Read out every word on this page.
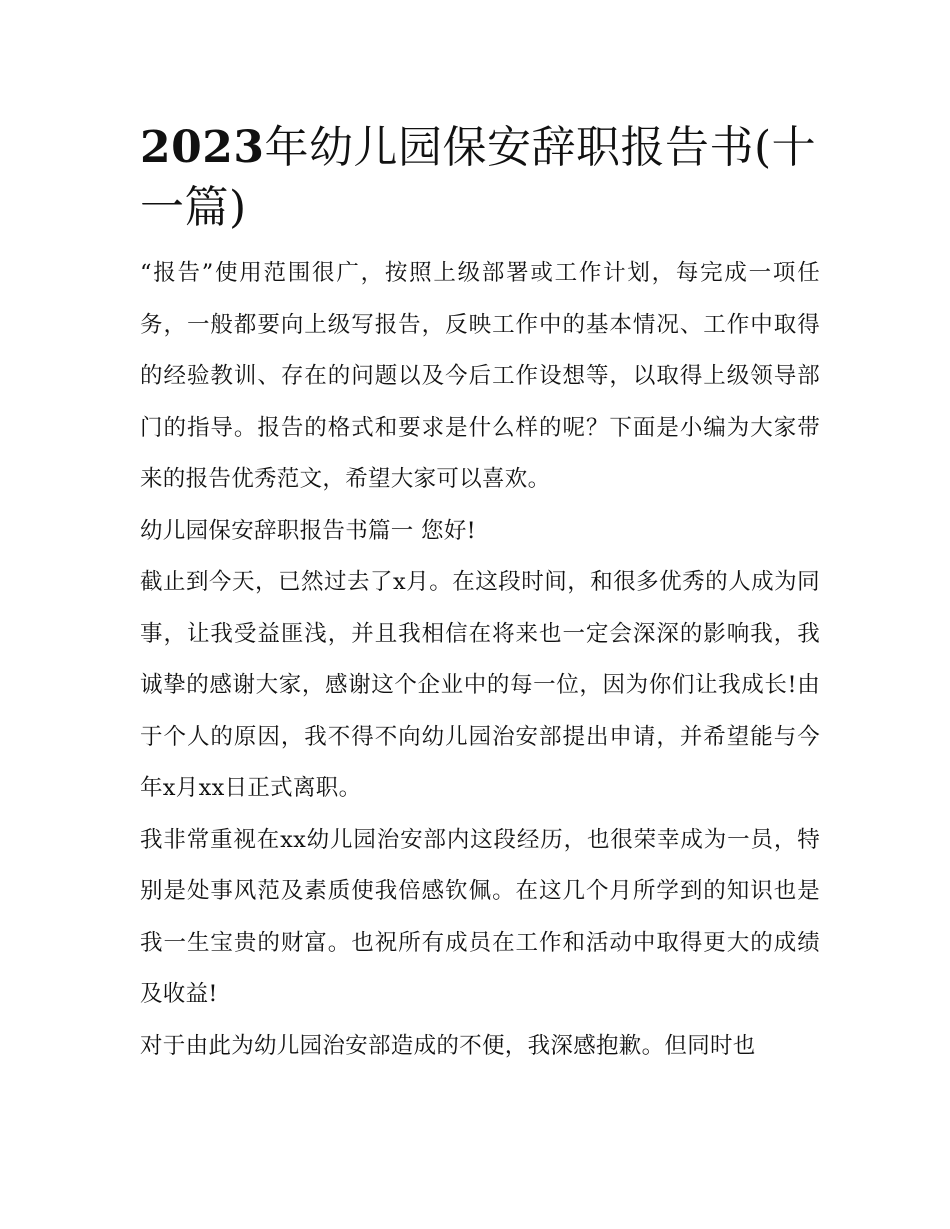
2023年幼儿园保安辞职报告书(十一篇)

“报告”使用范围很广，按照上级部署或工作计划，每完成一项任务，一般都要向上级写报告，反映工作中的基本情况、工作中取得的经验教训、存在的问题以及今后工作设想等，以取得上级领导部门的指导。报告的格式和要求是什么样的呢？下面是小编为大家带来的报告优秀范文，希望大家可以喜欢。

幼儿园保安辞职报告书篇一 您好!

截止到今天，已然过去了x月。在这段时间，和很多优秀的人成为同事，让我受益匪浅，并且我相信在将来也一定会深深的影响我，我诚挚的感谢大家，感谢这个企业中的每一位，因为你们让我成长!由于个人的原因，我不得不向幼儿园治安部提出申请，并希望能与今年x月xx日正式离职。

我非常重视在xx幼儿园治安部内这段经历，也很荣幸成为一员，特别是处事风范及素质使我倍感钦佩。在这几个月所学到的知识也是我一生宝贵的财富。也祝所有成员在工作和活动中取得更大的成绩及收益!

对于由此为幼儿园治安部造成的不便，我深感抱歉。但同时也
